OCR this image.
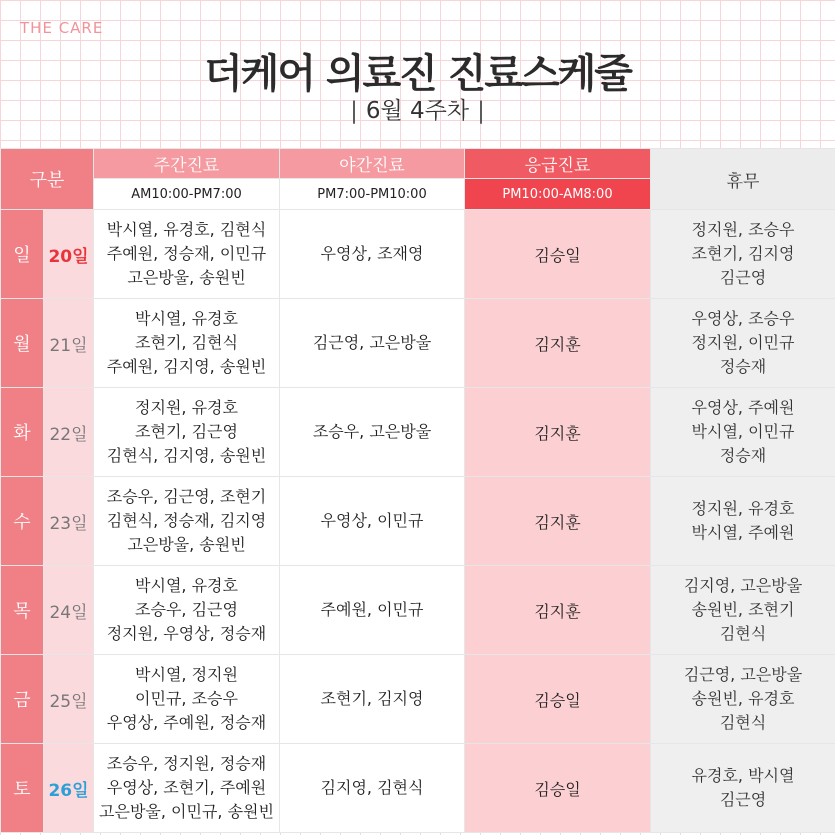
THE CARE
더케어 의료진 진료스케줄
| 6월 4주차 |
구분		주간진료	야간진료	응급진료	휴무
		AM10:00-PM7:00	PM7:00-PM10:00	PM10:00-AM8:00	
일	20일	박시열, 유경호, 김현식
주예원, 정승재, 이민규
고은방울, 송원빈	우영상, 조재영	김승일	정지원, 조승우
조현기, 김지영
김근영

월	21일	박시열, 유경호
조현기, 김현식
주예원, 김지영, 송원빈	김근영, 고은방울	김지훈	우영상, 조승우
정지원, 이민규
정승재

화	22일	정지원, 유경호
조현기, 김근영
김현식, 김지영, 송원빈	조승우, 고은방울	김지훈	우영상, 주예원
박시열, 이민규
정승재

수	23일	조승우, 김근영, 조현기
김현식, 정승재, 김지영
고은방울, 송원빈	우영상, 이민규	김지훈	정지원, 유경호
박시열, 주예원

목	24일	박시열, 유경호
조승우, 김근영
정지원, 우영상, 정승재	주예원, 이민규	김지훈	김지영, 고은방울
송원빈, 조현기
김현식

금	25일	박시열, 정지원
이민규, 조승우
우영상, 주예원, 정승재	조현기, 김지영	김승일	김근영, 고은방울
송원빈, 유경호
김현식

토	26일	조승우, 정지원, 정승재
우영상, 조현기, 주예원
고은방울, 이민규, 송원빈	김지영, 김현식	김승일	유경호, 박시열
김근영
